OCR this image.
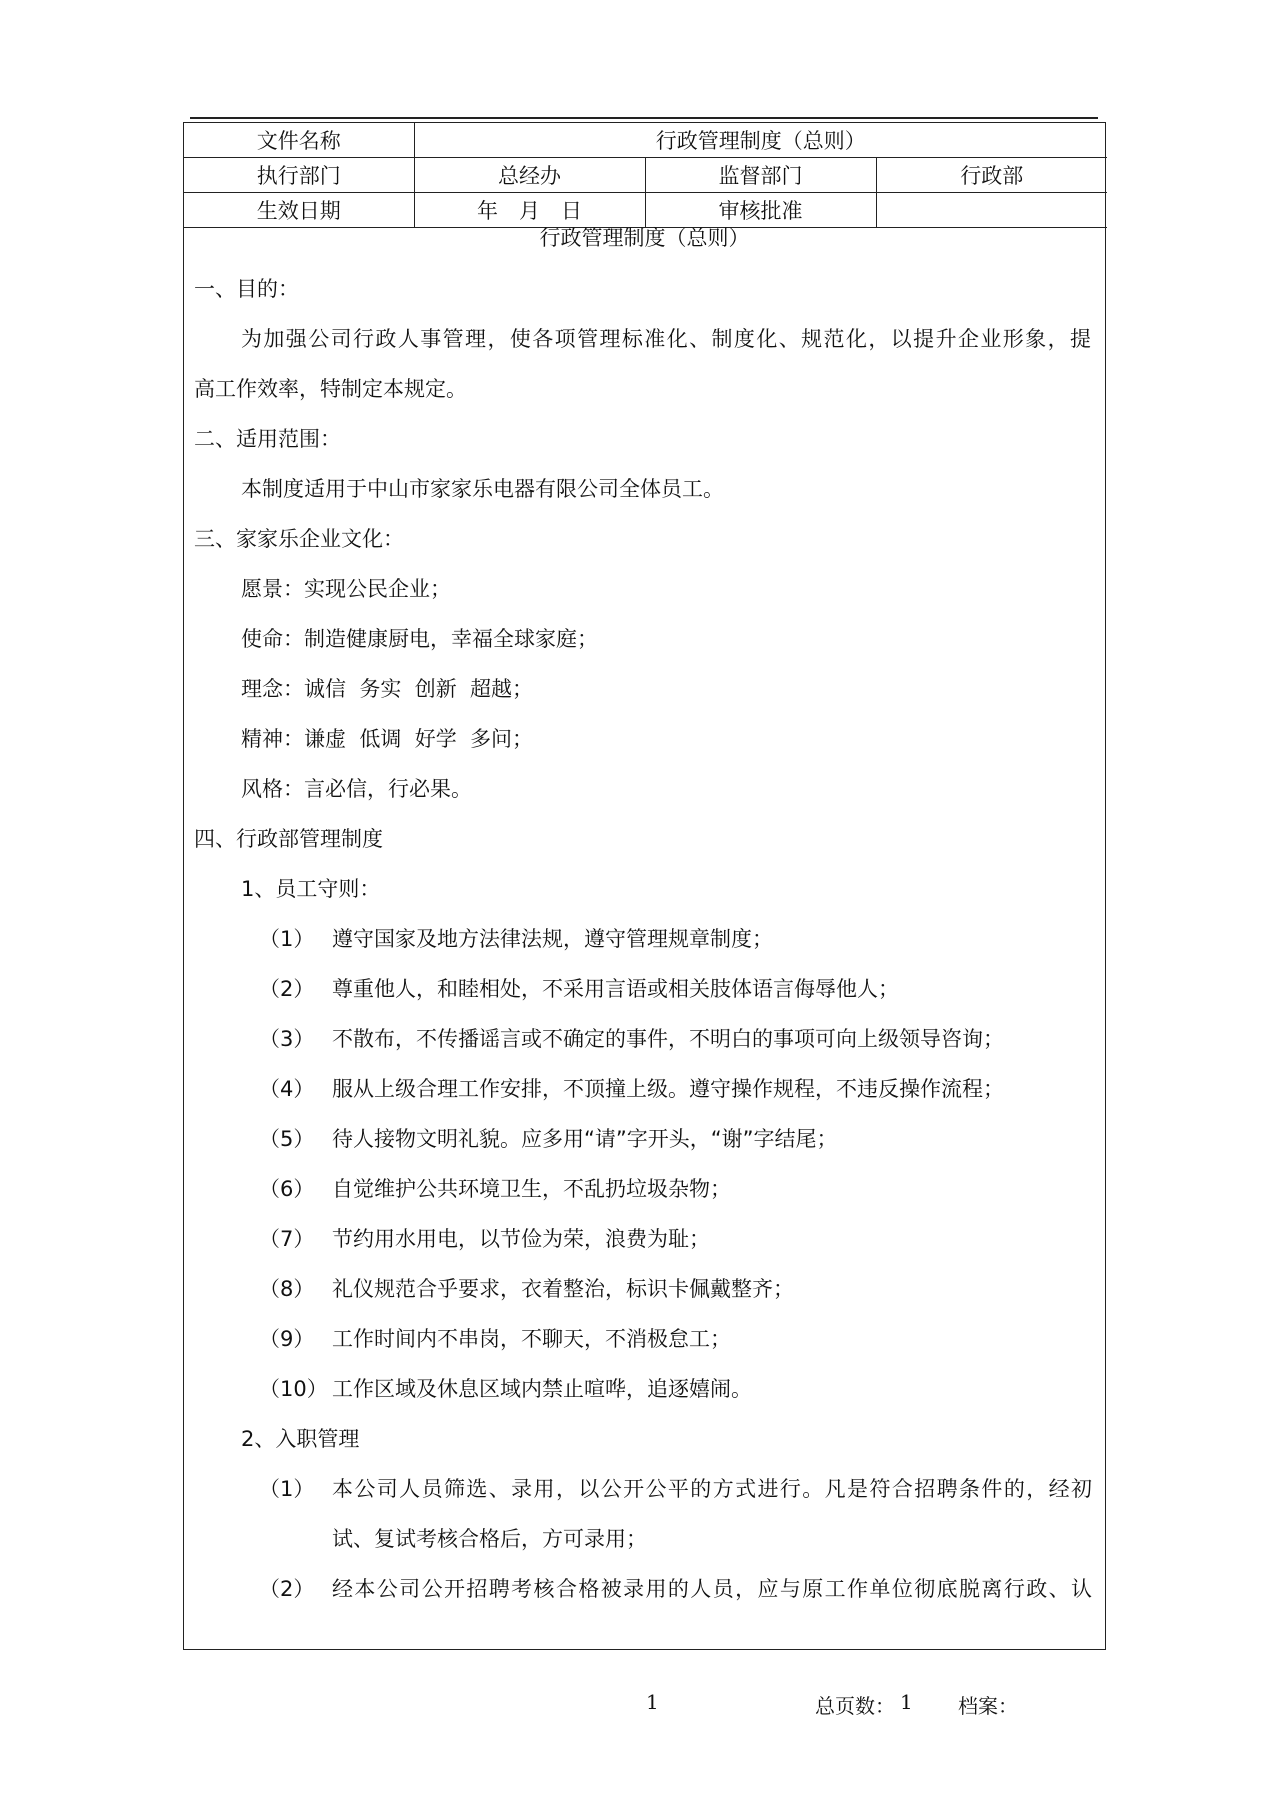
文件名称	行政管理制度（总则）		
执行部门	总经办	监督部门	行政部
生效日期	年　月　日	审核批准	
行政管理制度（总则）
一、目的：
为加强公司行政人事管理，使各项管理标准化、制度化、规范化，以提升企业形象，提
高工作效率，特制定本规定。
二、适用范围：
本制度适用于中山市家家乐电器有限公司全体员工。
三、家家乐企业文化：
愿景：实现公民企业；
使命：制造健康厨电，幸福全球家庭；
理念：诚信  务实  创新  超越；
精神：谦虚  低调  好学  多问；
风格：言必信，行必果。
四、行政部管理制度
1、员工守则：
（1） 遵守国家及地方法律法规，遵守管理规章制度；
（2） 尊重他人，和睦相处，不采用言语或相关肢体语言侮辱他人；
（3） 不散布，不传播谣言或不确定的事件，不明白的事项可向上级领导咨询；
（4） 服从上级合理工作安排，不顶撞上级。遵守操作规程，不违反操作流程；
（5） 待人接物文明礼貌。应多用“请”字开头，“谢”字结尾；
（6） 自觉维护公共环境卫生，不乱扔垃圾杂物；
（7） 节约用水用电，以节俭为荣，浪费为耻；
（8） 礼仪规范合乎要求，衣着整治，标识卡佩戴整齐；
（9） 工作时间内不串岗，不聊天，不消极怠工；
（10） 工作区域及休息区域内禁止喧哗，追逐嬉闹。
2、入职管理
（1） 本公司人员筛选、录用，以公开公平的方式进行。凡是符合招聘条件的，经初
试、复试考核合格后，方可录用；
（2） 经本公司公开招聘考核合格被录用的人员，应与原工作单位彻底脱离行政、认
1	总页数： 1 档案：
